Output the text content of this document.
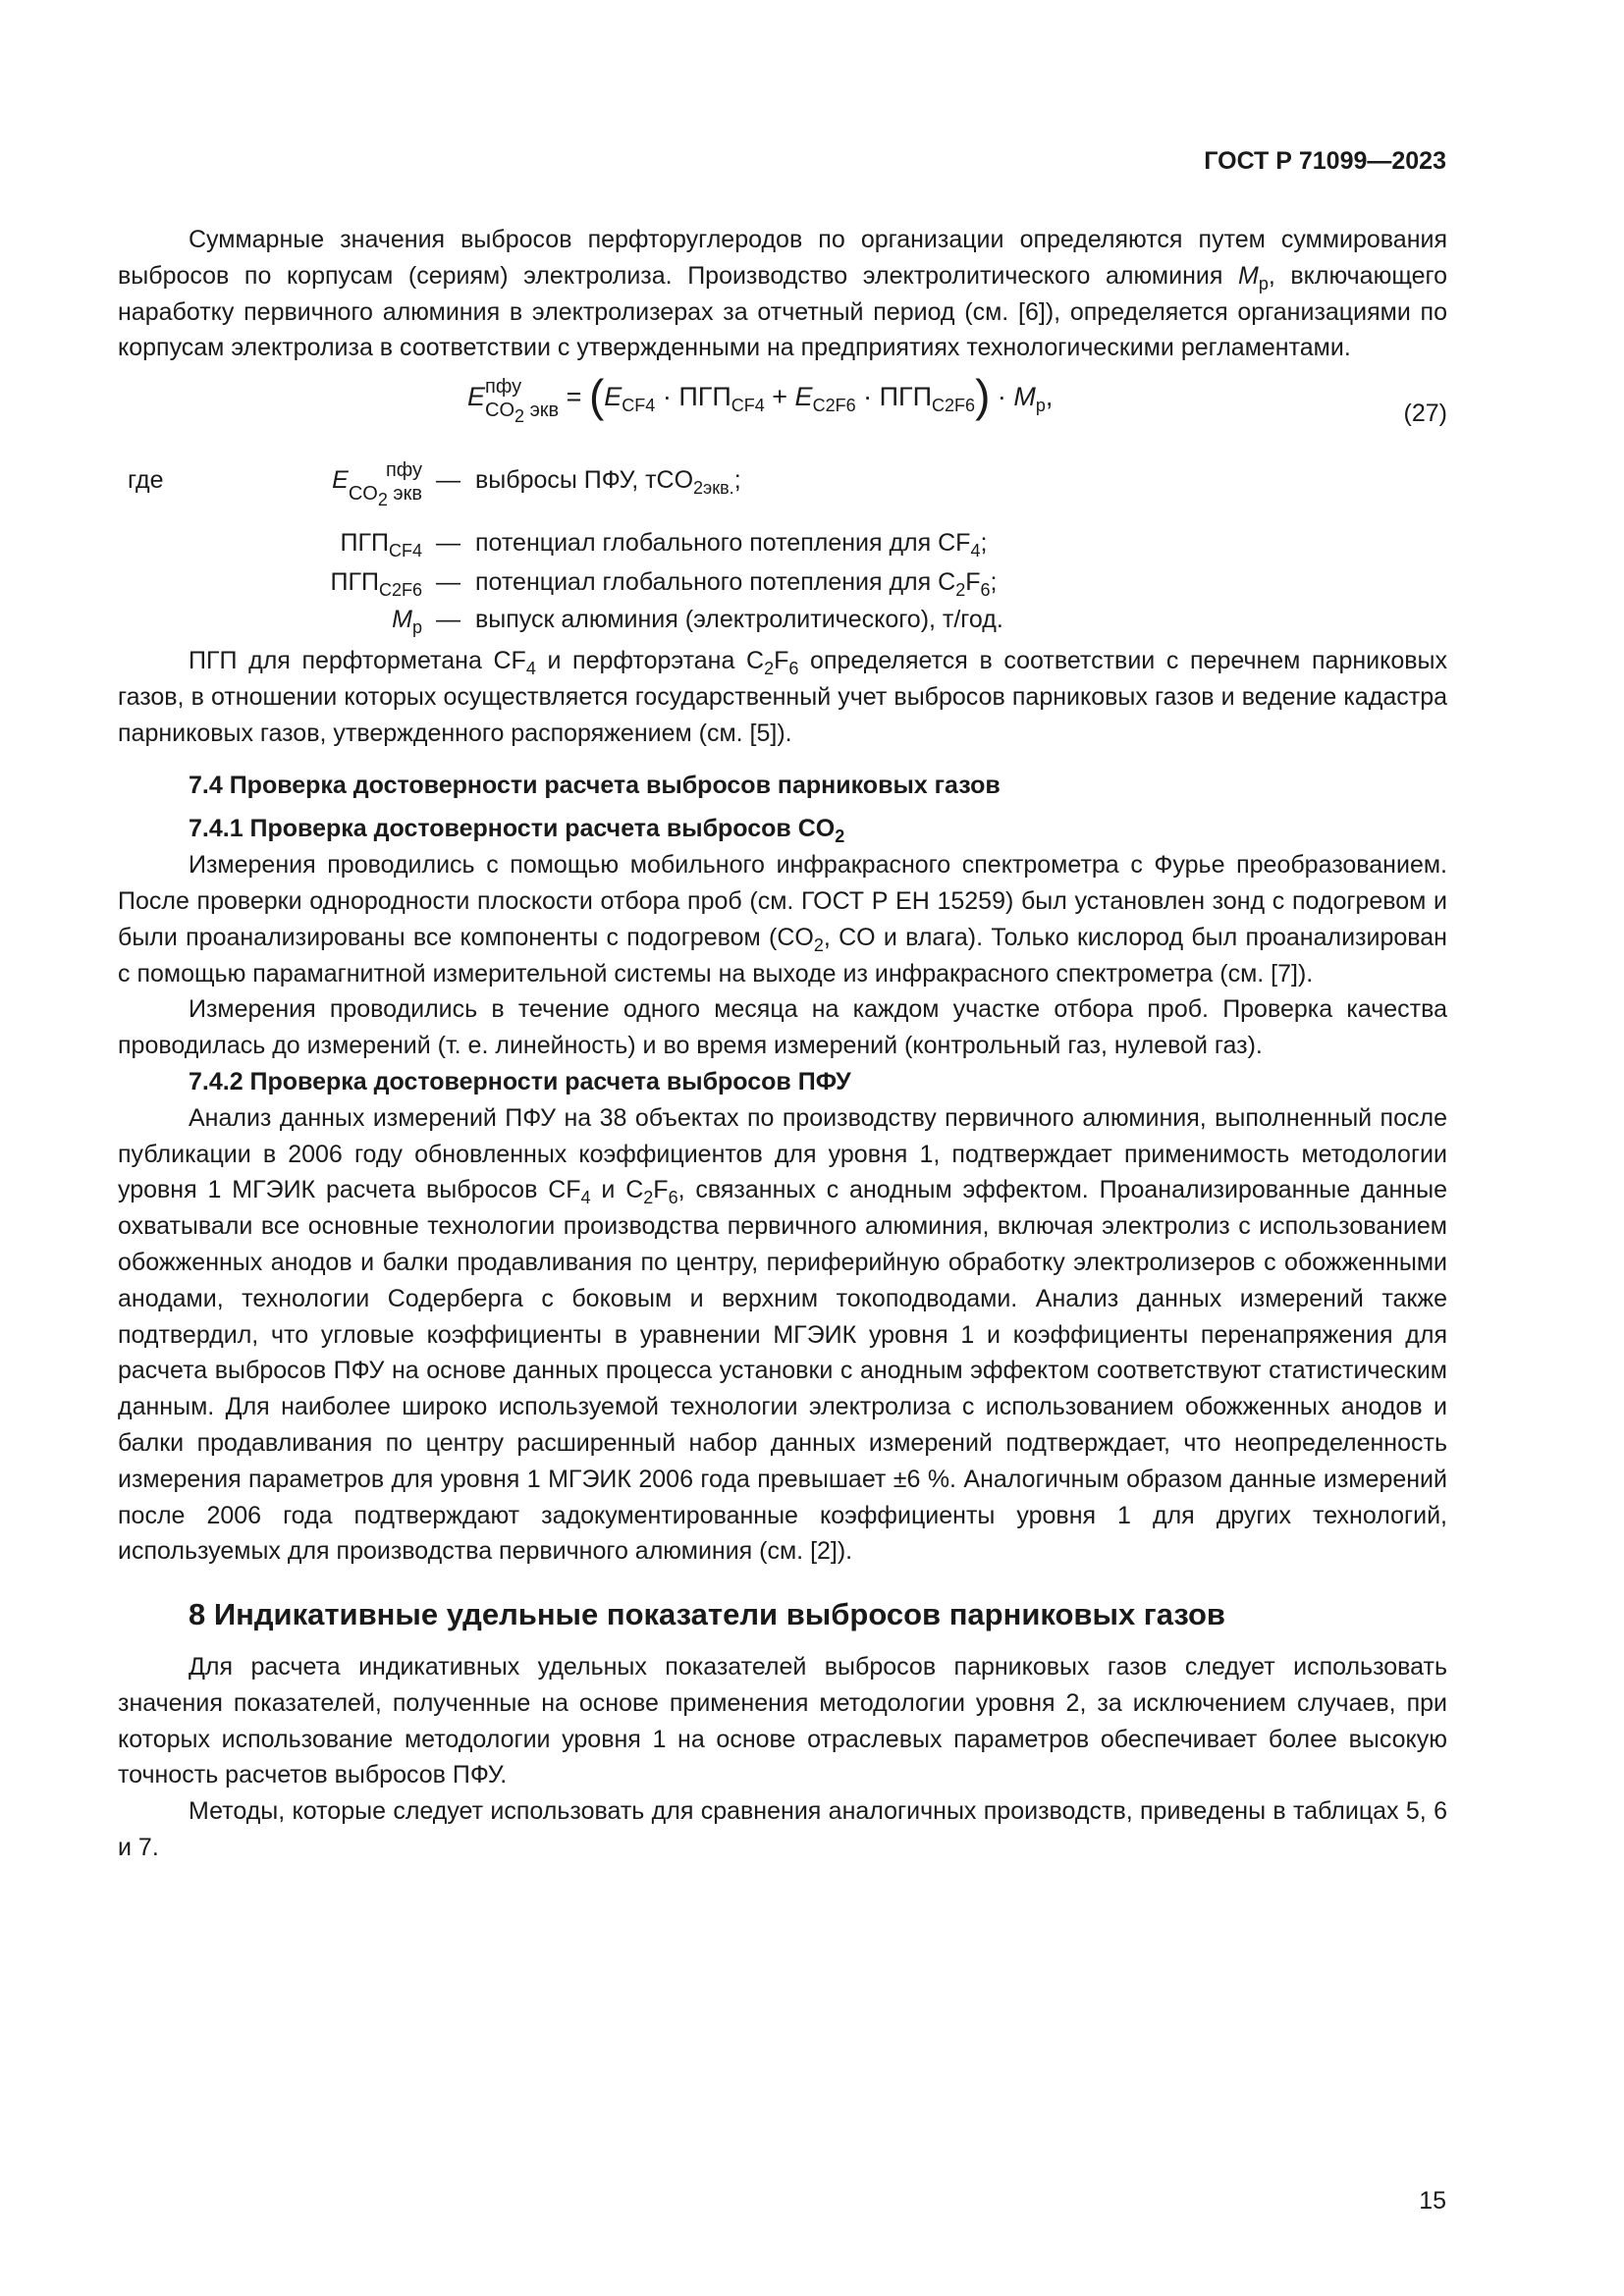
ГОСТ Р 71099—2023

Суммарные значения выбросов перфторуглеродов по организации определяются путем суммирования выбросов по корпусам (сериям) электролиза. Производство электролитического алюминия $M_р$, включающего наработку первичного алюминия в электролизерах за отчетный период (см. [6]), определяется организациями по корпусам электролиза в соответствии с утвержденными на предприятиях технологическими регламентами.

E пфу
$CO_2$ экв = $(E_{CF4} \cdot ПГП_{CF4} + E_{C2F6} \cdot ПГП_{C2F6}) \cdot M_р$,
(27)
где	E	пфу
$CO_2$ экв — выбросы ПФУ, тCO$_{2экв.}$;
$ПГП_{CF4}$ — потенциал глобального потепления для $CF_4$;
$ПГП_{C2F6}$ — потенциал глобального потепления для $C_2F_6$;
$M_р$ — выпуск алюминия (электролитического), т/год.

ПГП для перфторметана $CF_4$ и перфторэтана $C_2F_6$ определяется в соответствии с перечнем парниковых газов, в отношении которых осуществляется государственный учет выбросов парниковых газов и ведение кадастра парниковых газов, утвержденного распоряжением (см. [5]).

7.4 Проверка достоверности расчета выбросов парниковых газов
7.4.1 Проверка достоверности расчета выбросов $CO_2$

Измерения проводились с помощью мобильного инфракрасного спектрометра с Фурье преобразованием. После проверки однородности плоскости отбора проб (см. ГОСТ Р ЕН 15259) был установлен зонд с подогревом и были проанализированы все компоненты с подогревом ($CO_2$, CO и влага). Только кислород был проанализирован с помощью парамагнитной измерительной системы на выходе из инфракрасного спектрометра (см. [7]).

Измерения проводились в течение одного месяца на каждом участке отбора проб. Проверка качества проводилась до измерений (т. е. линейность) и во время измерений (контрольный газ, нулевой газ).

7.4.2 Проверка достоверности расчета выбросов ПФУ

Анализ данных измерений ПФУ на 38 объектах по производству первичного алюминия, выполненный после публикации в 2006 году обновленных коэффициентов для уровня 1, подтверждает применимость методологии уровня 1 МГЭИК расчета выбросов $CF_4$ и $C_2F_6$, связанных с анодным эффектом. Проанализированные данные охватывали все основные технологии производства первичного алюминия, включая электролиз с использованием обожженных анодов и балки продавливания по центру, периферийную обработку электролизеров с обожженными анодами, технологии Содерберга с боковым и верхним токоподводами. Анализ данных измерений также подтвердил, что угловые коэффициенты в уравнении МГЭИК уровня 1 и коэффициенты перенапряжения для расчета выбросов ПФУ на основе данных процесса установки с анодным эффектом соответствуют статистическим данным. Для наиболее широко используемой технологии электролиза с использованием обожженных анодов и балки продавливания по центру расширенный набор данных измерений подтверждает, что неопределенность измерения параметров для уровня 1 МГЭИК 2006 года превышает ±6 %. Аналогичным образом данные измерений после 2006 года подтверждают задокументированные коэффициенты уровня 1 для других технологий, используемых для производства первичного алюминия (см. [2]).

8 Индикативные удельные показатели выбросов парниковых газов

Для расчета индикативных удельных показателей выбросов парниковых газов следует использовать значения показателей, полученные на основе применения методологии уровня 2, за исключением случаев, при которых использование методологии уровня 1 на основе отраслевых параметров обеспечивает более высокую точность расчетов выбросов ПФУ.

Методы, которые следует использовать для сравнения аналогичных производств, приведены в таблицах 5, 6 и 7.

15
